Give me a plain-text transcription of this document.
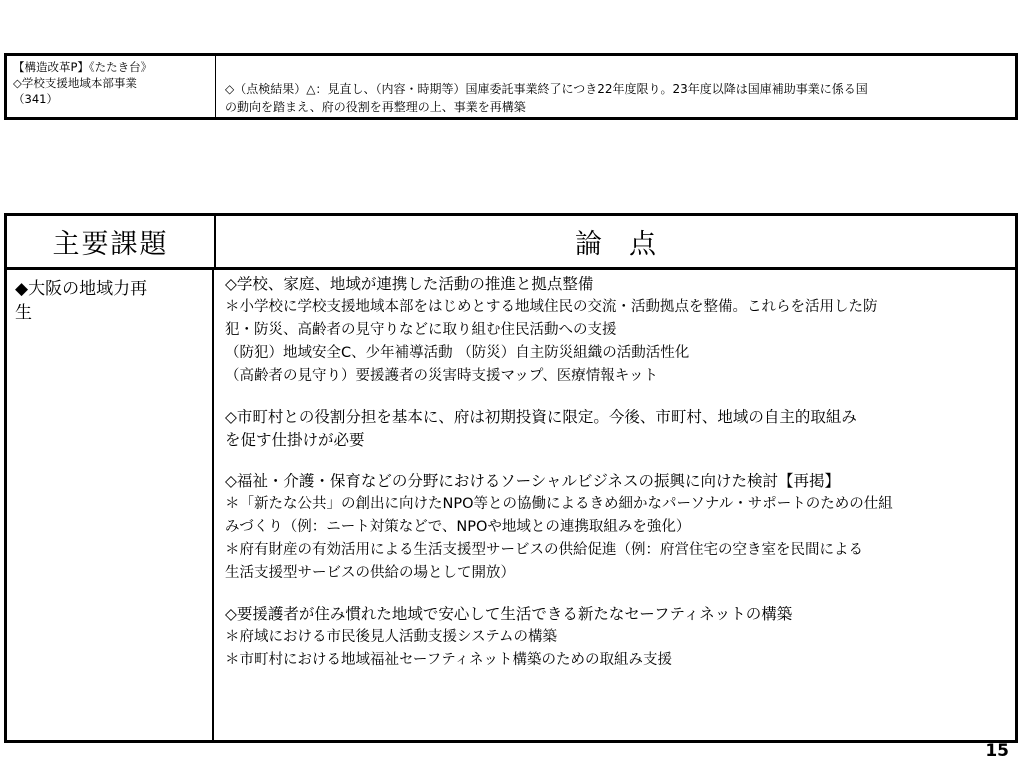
【構造改革P】《たたき台》
◇学校支援地域本部事業
（341）
◇（点検結果）△：見直し、（内容・時期等）国庫委託事業終了につき22年度限り。23年度以降は国庫補助事業に係る国
の動向を踏まえ、府の役割を再整理の上、事業を再構築
主要課題	論　点
◆大阪の地域力再
生
◇学校、家庭、地域が連携した活動の推進と拠点整備
＊小学校に学校支援地域本部をはじめとする地域住民の交流・活動拠点を整備。これらを活用した防
犯・防災、高齢者の見守りなどに取り組む住民活動への支援
（防犯）地域安全C、少年補導活動 （防災）自主防災組織の活動活性化
（高齢者の見守り）要援護者の災害時支援マップ、医療情報キット
◇市町村との役割分担を基本に、府は初期投資に限定。今後、市町村、地域の自主的取組み
を促す仕掛けが必要
◇福祉・介護・保育などの分野におけるソーシャルビジネスの振興に向けた検討【再掲】
＊「新たな公共」の創出に向けたNPO等との協働によるきめ細かなパーソナル・サポートのための仕組
みづくり（例：ニート対策などで、NPOや地域との連携取組みを強化）
＊府有財産の有効活用による生活支援型サービスの供給促進（例：府営住宅の空き室を民間による
生活支援型サービスの供給の場として開放）
◇要援護者が住み慣れた地域で安心して生活できる新たなセーフティネットの構築
＊府域における市民後見人活動支援システムの構築
＊市町村における地域福祉セーフティネット構築のための取組み支援
15
